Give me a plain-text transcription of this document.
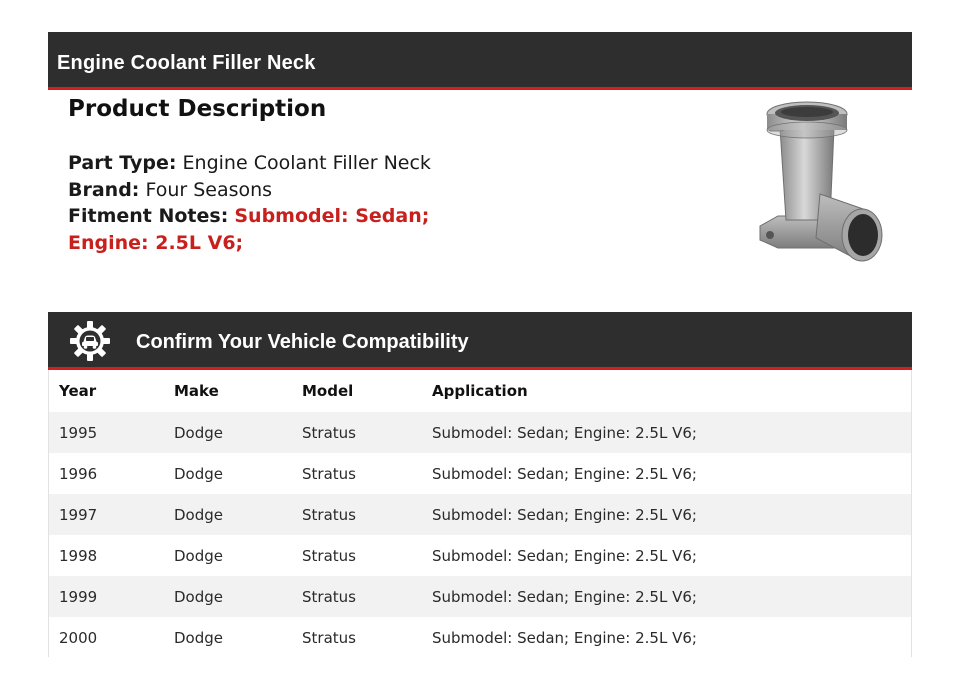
Engine Coolant Filler Neck
Product Description
Part Type: Engine Coolant Filler Neck
Brand: Four Seasons
Fitment Notes: Submodel: Sedan;
Engine: 2.5L V6;
Confirm Your Vehicle Compatibility
Year	Make	Model	Application
1995	Dodge	Stratus	Submodel: Sedan; Engine: 2.5L V6;
1996	Dodge	Stratus	Submodel: Sedan; Engine: 2.5L V6;
1997	Dodge	Stratus	Submodel: Sedan; Engine: 2.5L V6;
1998	Dodge	Stratus	Submodel: Sedan; Engine: 2.5L V6;
1999	Dodge	Stratus	Submodel: Sedan; Engine: 2.5L V6;
2000	Dodge	Stratus	Submodel: Sedan; Engine: 2.5L V6;
